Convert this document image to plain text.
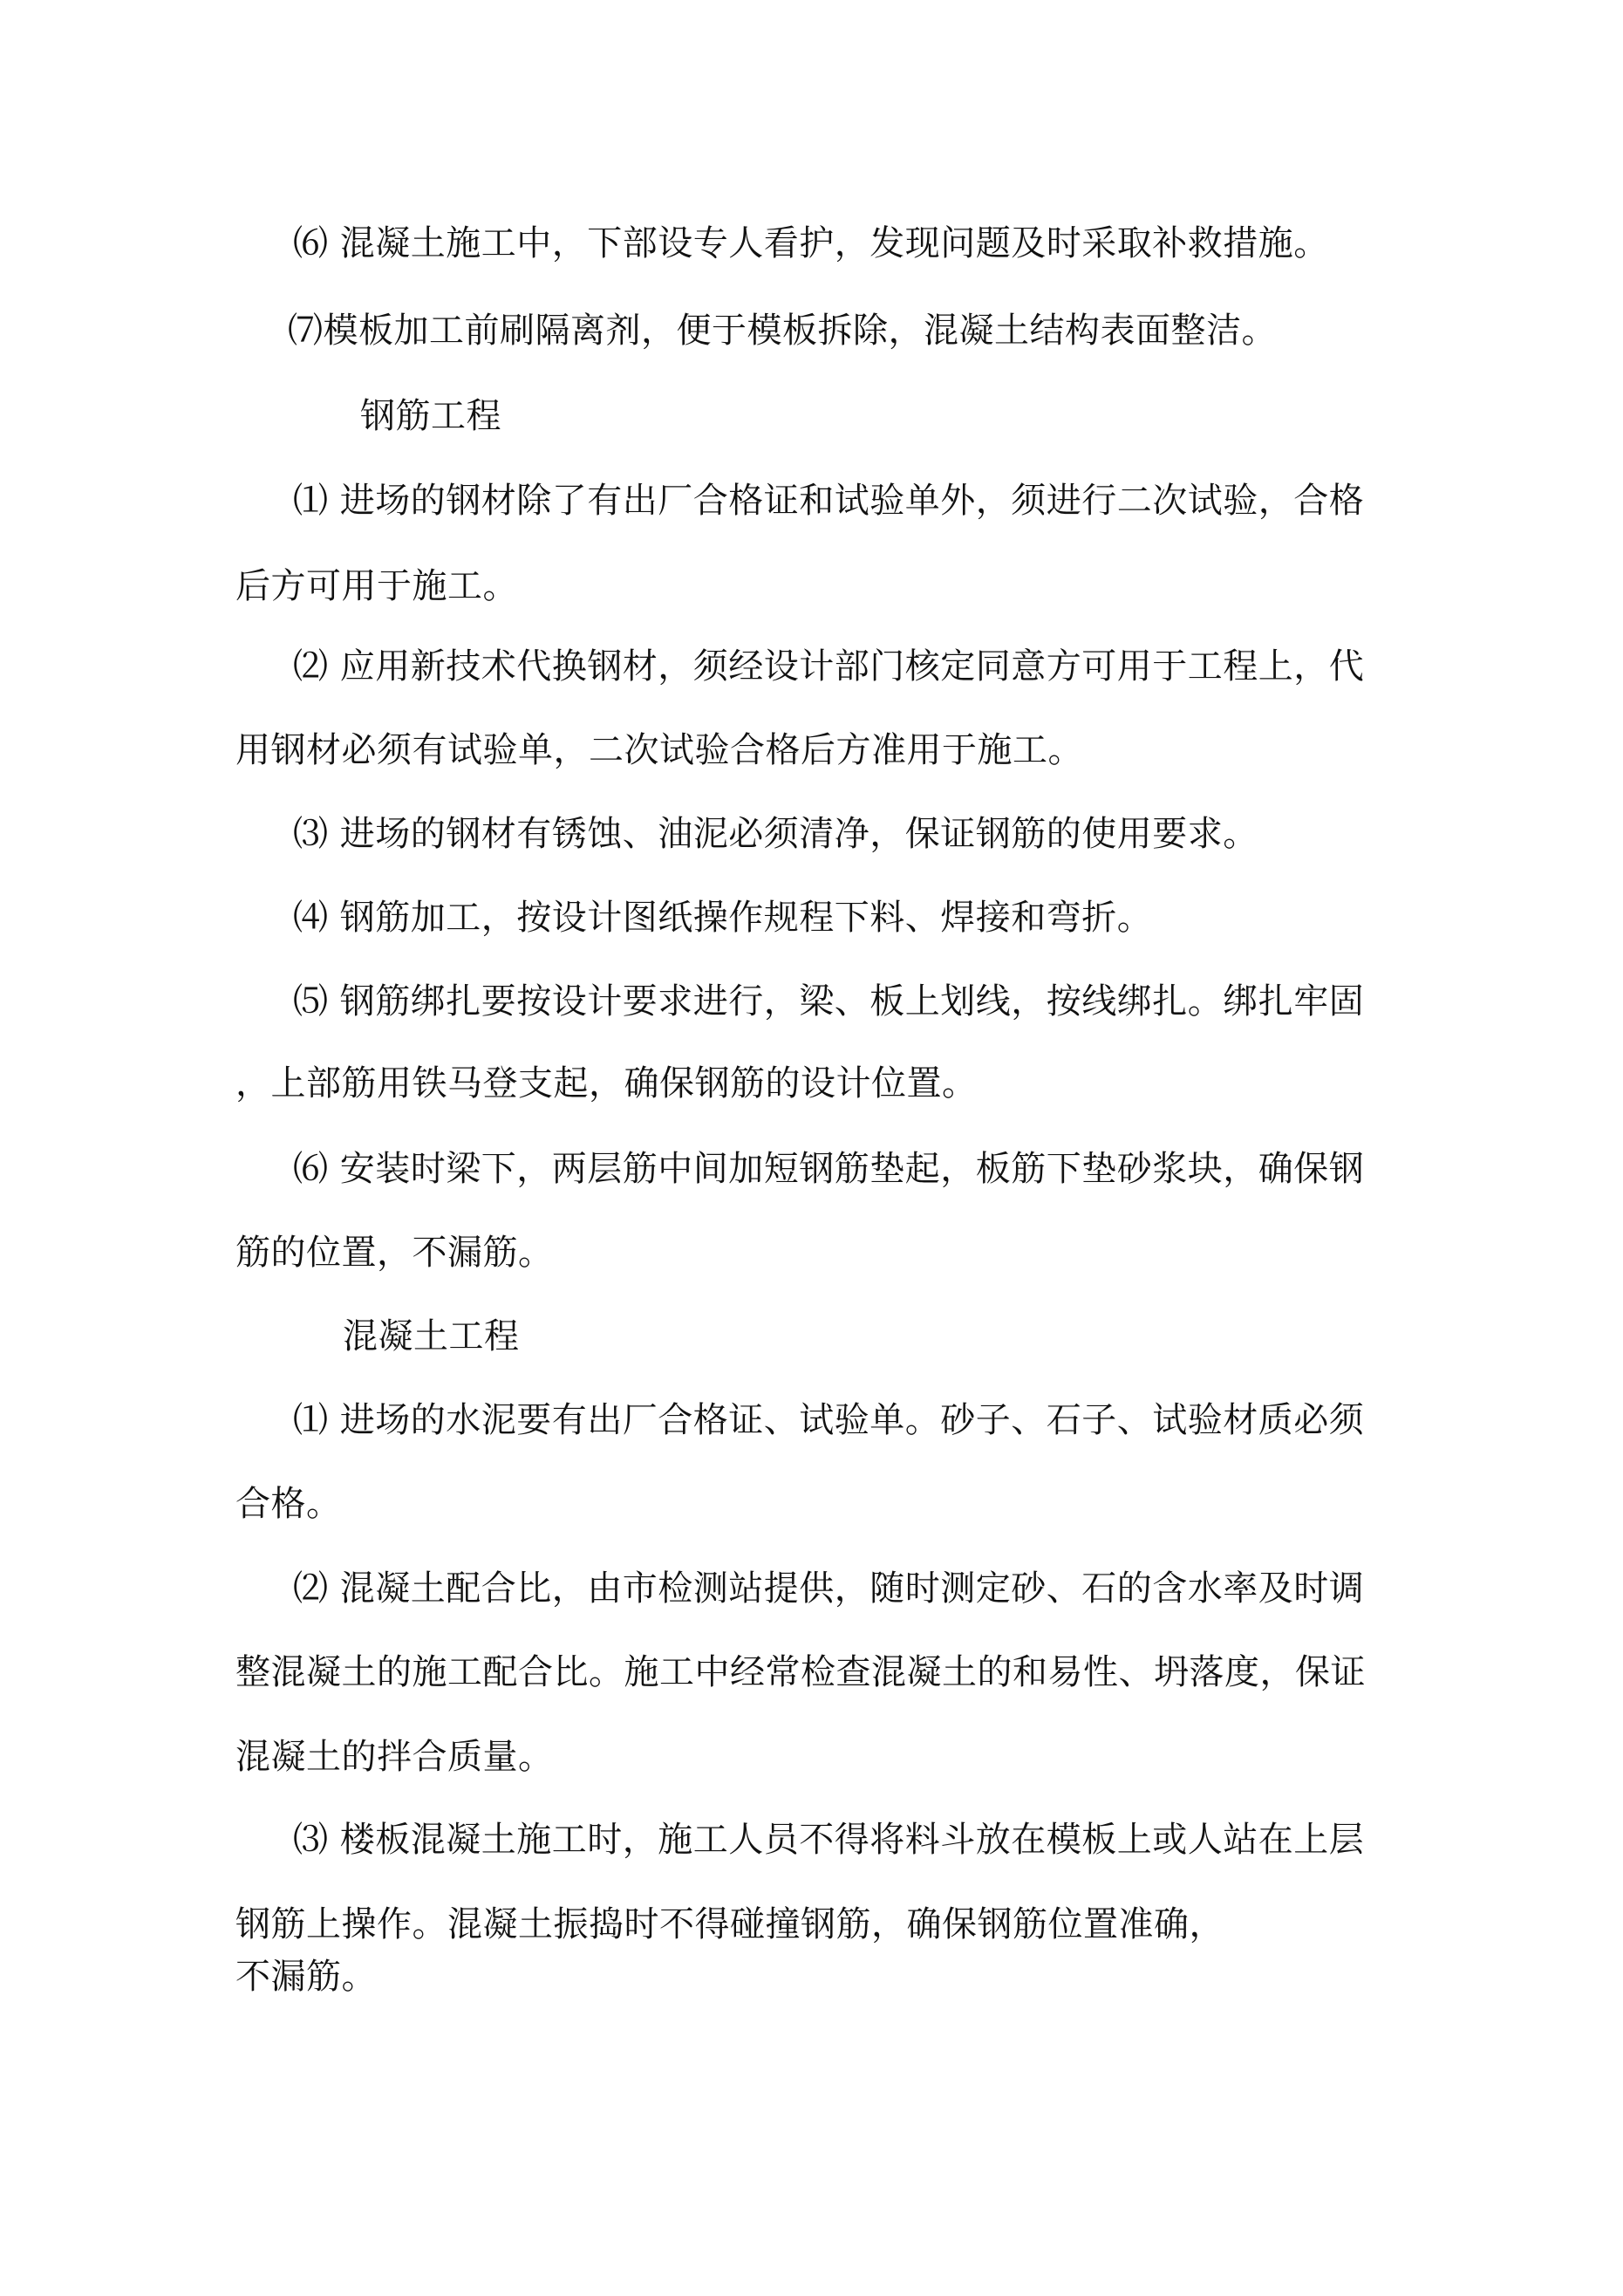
⑹ 混凝土施工中，下部设专人看护，发现问题及时采取补救措施。
⑺模板加工前刷隔离剂，便于模板拆除，混凝土结构表面整洁。
钢筋工程
⑴ 进场的钢材除了有出厂合格证和试验单外，须进行二次试验，合格
后方可用于施工。
⑵ 应用新技术代换钢材，须经设计部门核定同意方可用于工程上，代
用钢材必须有试验单，二次试验合格后方准用于施工。
⑶ 进场的钢材有锈蚀、油泥必须清净，保证钢筋的使用要求。
⑷ 钢筋加工，按设计图纸操作规程下料、焊接和弯折。
⑸ 钢筋绑扎要按设计要求进行，梁、板上划线，按线绑扎。绑扎牢固
，上部筋用铁马登支起，确保钢筋的设计位置。
⑹ 安装时梁下，两层筋中间加短钢筋垫起，板筋下垫砂浆块，确保钢
筋的位置，不漏筋。
混凝土工程
⑴ 进场的水泥要有出厂合格证、试验单。砂子、石子、试验材质必须
合格。
⑵ 混凝土配合比，由市检测站提供，随时测定砂、石的含水率及时调
整混凝土的施工配合比。施工中经常检查混凝土的和易性、坍落度，保证
混凝土的拌合质量。
⑶ 楼板混凝土施工时，施工人员不得将料斗放在模板上或人站在上层
钢筋上操作。混凝土振捣时不得碰撞钢筋，确保钢筋位置准确，
不漏筋。
